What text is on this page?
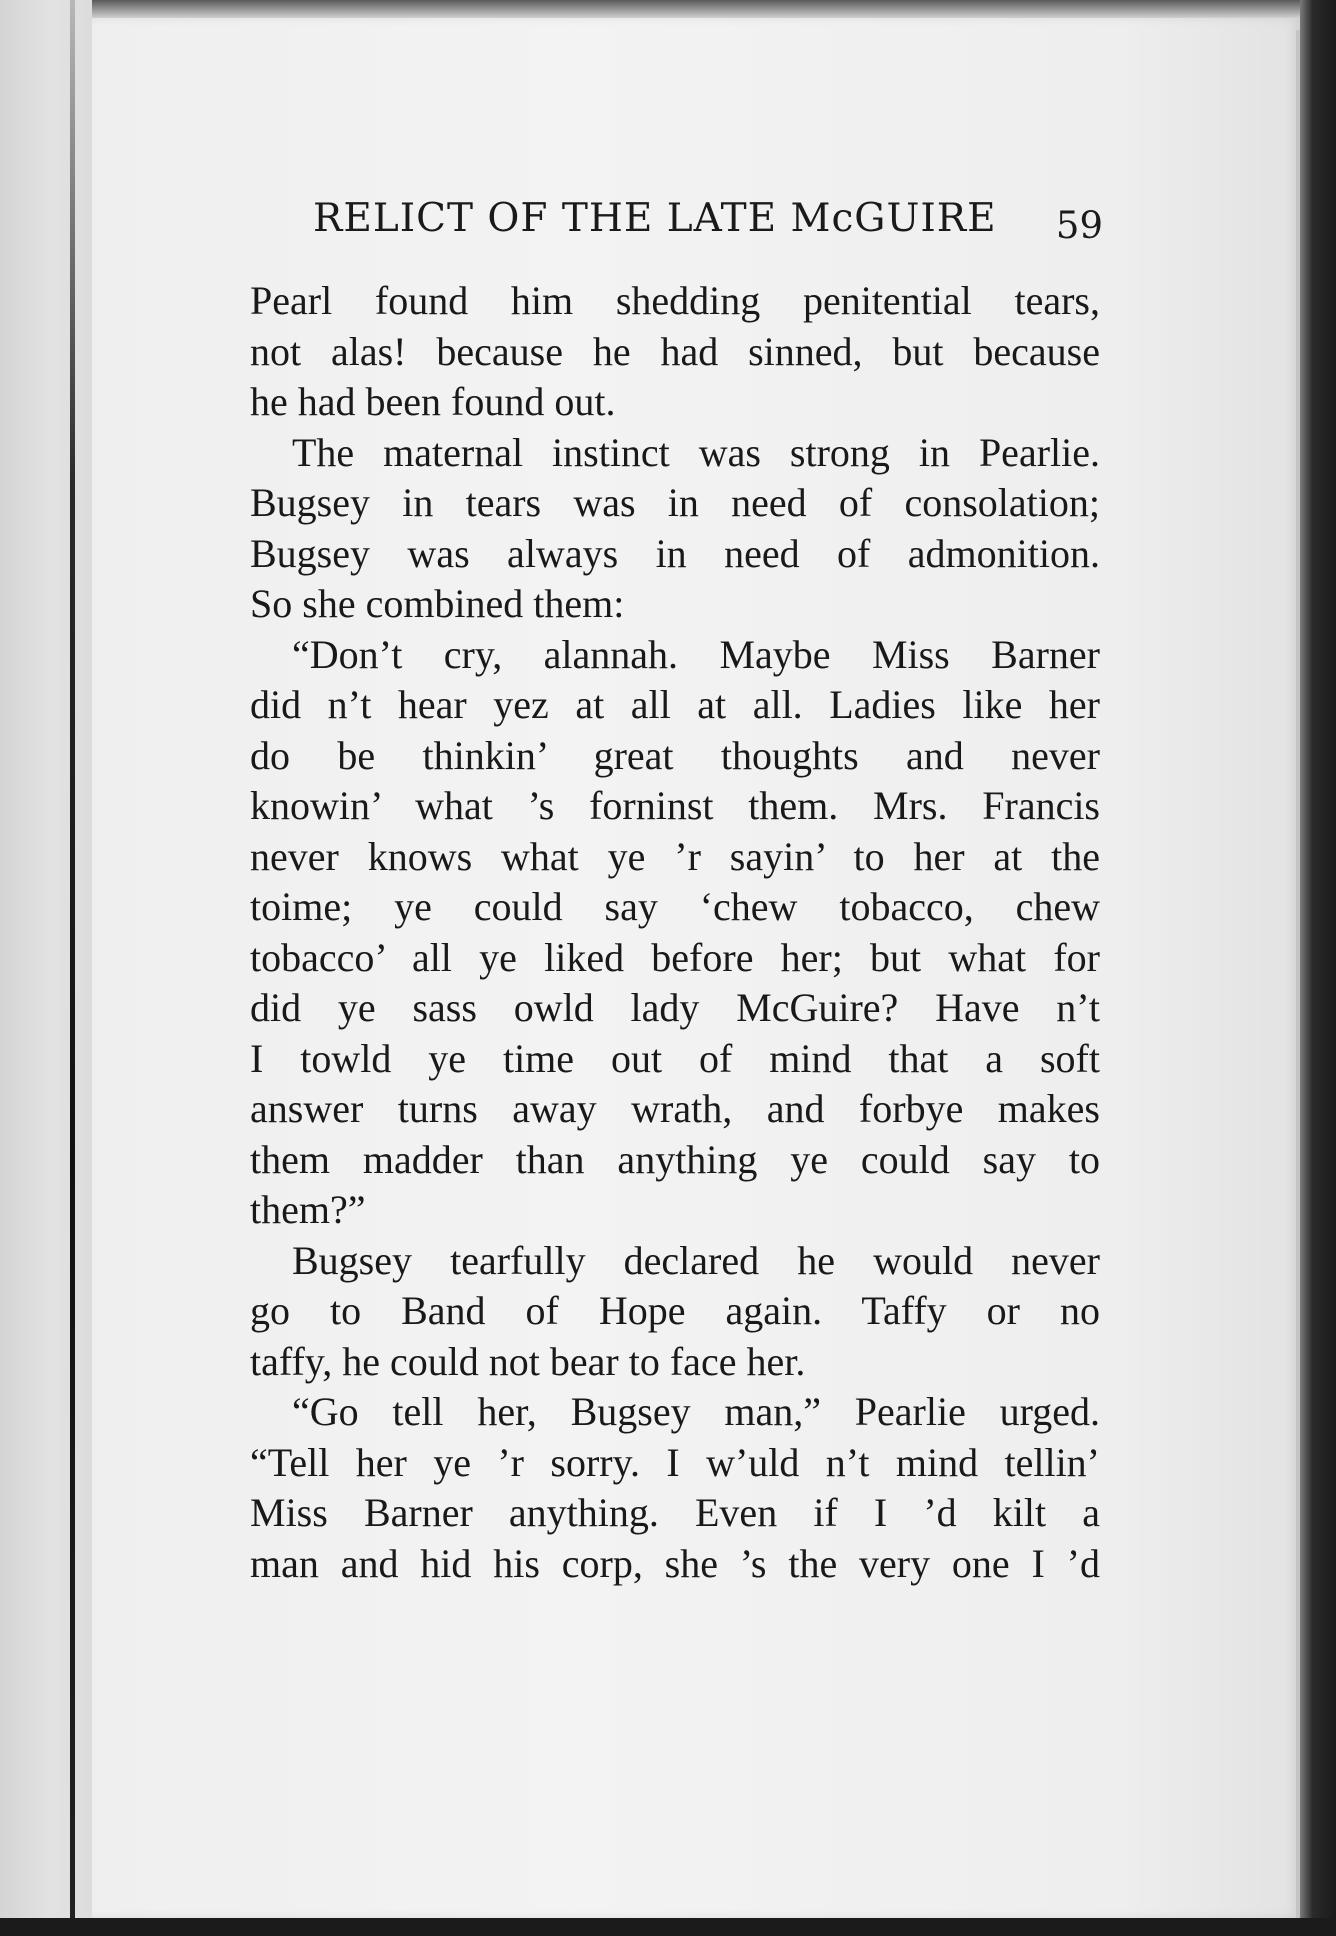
RELICT OF THE LATE McGUIRE 59
Pearl found him shedding penitential tears,
not alas! because he had sinned, but because
he had been found out.
The maternal instinct was strong in Pearlie.
Bugsey in tears was in need of consolation;
Bugsey was always in need of admonition.
So she combined them:
“Don’t cry, alannah. Maybe Miss Barner
did n’t hear yez at all at all. Ladies like her
do be thinkin’ great thoughts and never
knowin’ what ’s forninst them. Mrs. Francis
never knows what ye ’r sayin’ to her at the
toime; ye could say ‘chew tobacco, chew
tobacco’ all ye liked before her; but what for
did ye sass owld lady McGuire? Have n’t
I towld ye time out of mind that a soft
answer turns away wrath, and forbye makes
them madder than anything ye could say to
them?”
Bugsey tearfully declared he would never
go to Band of Hope again. Taffy or no
taffy, he could not bear to face her.
“Go tell her, Bugsey man,” Pearlie urged.
“Tell her ye ’r sorry. I w’uld n’t mind tellin’
Miss Barner anything. Even if I ’d kilt a
man and hid his corp, she ’s the very one I ’d
